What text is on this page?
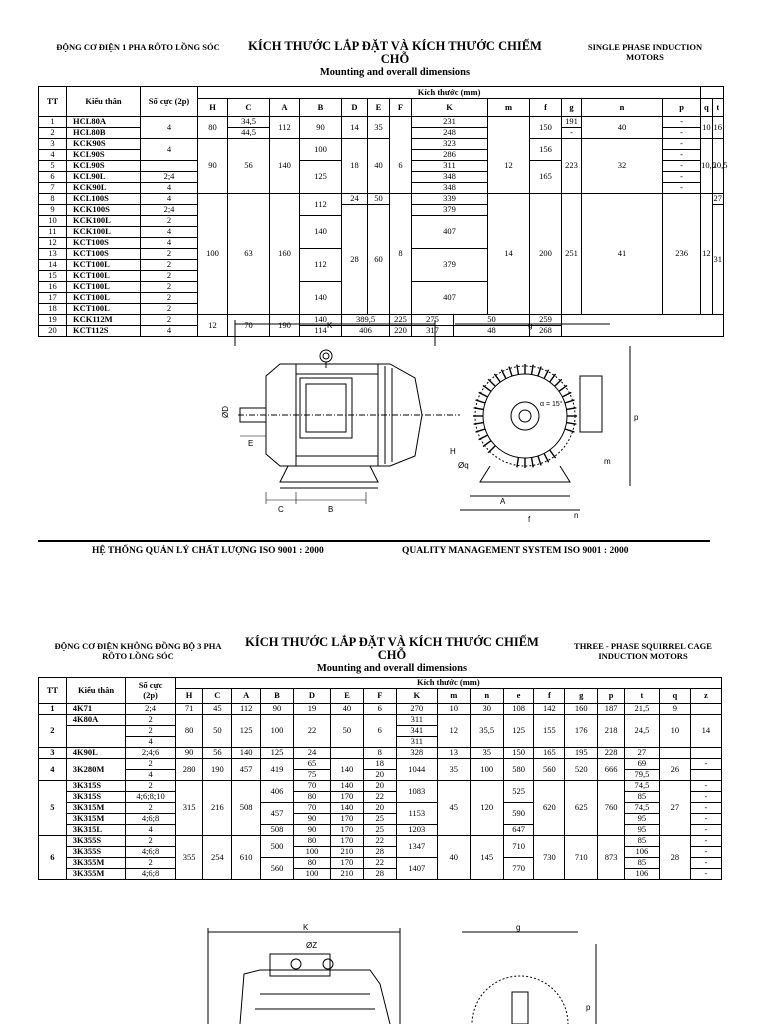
ĐỘNG CƠ ĐIỆN 1 PHA RÔTO LỒNG SÓC	KÍCH THƯỚC LẮP ĐẶT VÀ KÍCH THƯỚC CHIẾM CHỖ
Mounting and overall dimensions
SINGLE PHASE INDUCTION
MOTORS
TT	Kiểu thân	Số cực (2p)	Kích thước (mm)															
			H	C	A	B	D	E	F	K		m	f	g	n	p	q	t
1	HCL80A	4	80	34,5	112	90	14	35		231			150	191	40	-	10	16
2	HCL80B			44,5						248				-		-		
3	KCK90S	4	90	56	140	100	18	40	6	323		12	156	223	32	-	10,5	20,5
4	KCL90S									286						-		
5	KCL90S					125				311			165			-		
6	KCL90L	2;4								348						-		
7	KCK90L	4								348						-		
8	KCL100S	4	100	63	160	112	24	50	8	339		14	200	251	41	236	12	27
9	KCK100S	2;4					28	60		379								31
10	KCK100L	2				140				407								
11	KCK100L	4																
12	KCT100S	4																
13	KCT100S	2				112				379								
14	KCT100L	2																
15	KCT100L	2																
16	KCT100L	2				140				407								
17	KCT100L	2																
18	KCT100L	2																
19	KCK112M	2	12	70	190	140	389,5		225	275	50		259					
20	KCT112S	4				114	406		220	317	48		268					
K
C	B
E
ØD
g
H
A
f	n
p
m
Øq
α = 15°
HỆ THỐNG QUẢN LÝ CHẤT LƯỢNG ISO 9001 : 2000	QUALITY MANAGEMENT SYSTEM ISO 9001 : 2000
ĐỘNG CƠ ĐIỆN KHÔNG ĐỒNG BỘ 3 PHA
RÔTO LỒNG SÓC
KÍCH THƯỚC LẮP ĐẶT VÀ KÍCH THƯỚC CHIẾM CHỖ
Mounting and overall dimensions
THREE - PHASE SQUIRREL CAGE
INDUCTION MOTORS
TT	Kiểu thân	Số cực
(2p)	Kích thước (mm)																
			H	C	A	B	D	E	F	K	m	n	e	f	g	p	t	q	z
1	4K71	2;4	71	45	112	90	19	40	6	270	10	30	108	142	160	187	21,5	9	
2	4K80A	2	80	50	125	100	22	50	6	311	12	35,5	125	155	176	218	24,5	10	14
		2								341									
		4								311									
3	4K90L	2;4;6	90	56	140	125	24		8	328	13	35	150	165	195	228	27		
4	3K280M	2	280	190	457	419	65	140	18	1044	35	100	580	560	520	666	69	26	-
		4					75		20								79,5		
5	3K315S	2	315	216	508	406	70	140	20	1083	45	120	525	620	625	760	74,5	27	-
	3K315S	4;6;8;10					80	170	22								85		-
	3K315M	2				457	70	140	20	1153			590				74,5		-
	3K315M	4;6;8					90	170	25								95		-
	3K315L	4				508	90	170	25	1203			647				95		-
6	3K355S	2	355	254	610	500	80	170	22	1347	40	145	710	730	710	873	85	28	-
	3K355S	4;6;8					100	210	28								106		-
	3K355M	2				560	80	170	22	1407			770				85		-
	3K355M	4;6;8					100	210	28								106		-
K
ØZ
g
p
